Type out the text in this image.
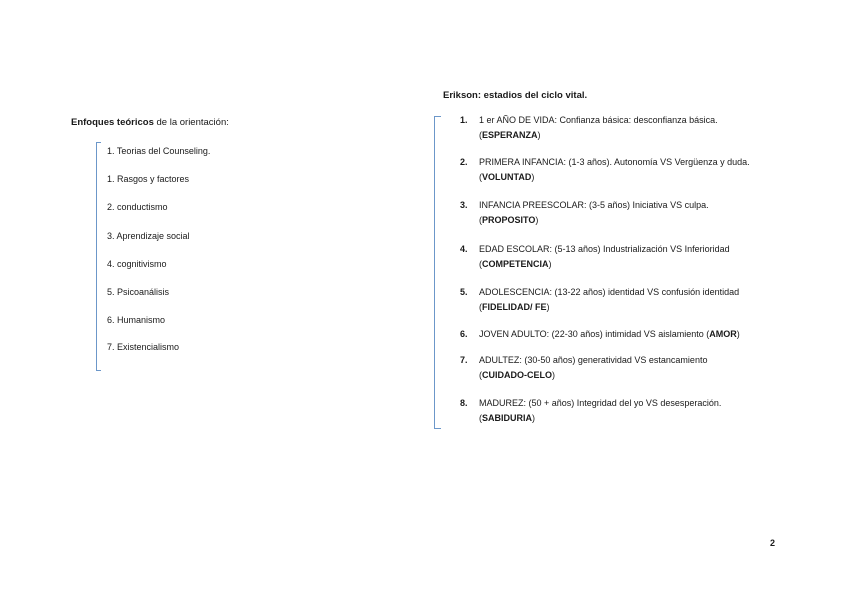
Enfoques teóricos de la orientación:
1. Teorias del Counseling.
1. Rasgos y factores
2. conductismo
3. Aprendizaje social
4. cognitivismo
5. Psicoanálisis
6. Humanismo
7. Existencialismo
Erikson: estadios del ciclo vital.
1.	1 er AÑO DE VIDA: Confianza básica: desconfianza básica.
(ESPERANZA)
2.	PRIMERA INFANCIA: (1-3 años). Autonomía VS Vergüenza y duda.
(VOLUNTAD)
3.	INFANCIA PREESCOLAR: (3-5 años) Iniciativa VS culpa.
(PROPOSITO)
4.	EDAD ESCOLAR: (5-13 años) Industrialización VS Inferioridad
(COMPETENCIA)
5.	ADOLESCENCIA: (13-22 años) identidad VS confusión identidad
(FIDELIDAD/ FE)
6.	JOVEN ADULTO: (22-30 años) intimidad VS aislamiento (AMOR)
7.	ADULTEZ: (30-50 años) generatividad VS estancamiento
(CUIDADO-CELO)
8.	MADUREZ: (50 + años) Integridad del yo VS desesperación.
(SABIDURIA)
2
